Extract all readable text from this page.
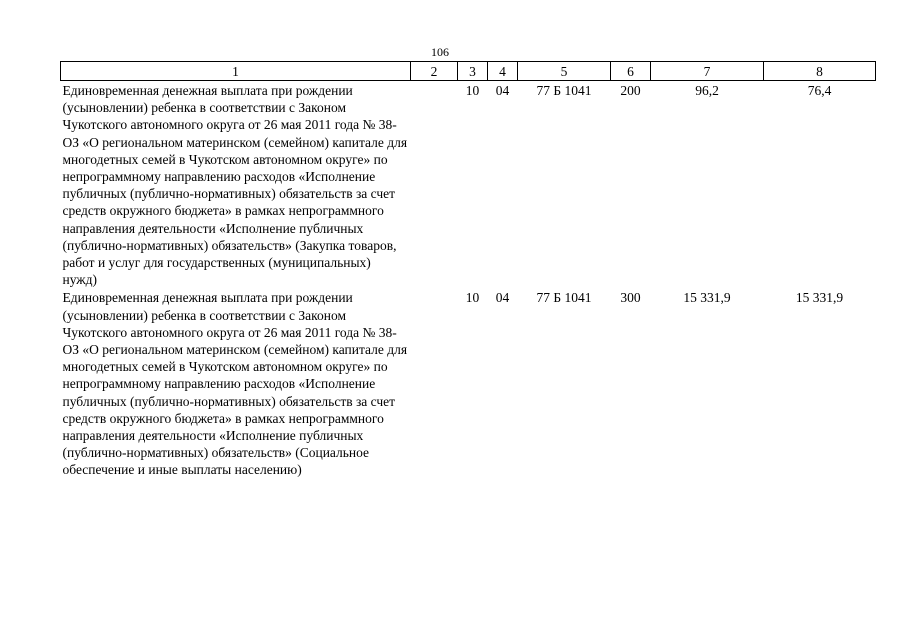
106
1	2	3	4	5	6	7	8
Единовременная денежная выплата при рождении (усыновлении) ребенка в соответствии с Законом Чукотского автономного округа от 26 мая 2011 года № 38-ОЗ «О региональном материнском (семейном) капитале для многодетных семей в Чукотском автономном округе» по непрограммному направлению расходов «Исполнение публичных (публично-нормативных) обязательств за счет средств окружного бюджета» в рамках непрограммного направления деятельности «Исполнение публичных (публично-нормативных) обязательств» (Закупка товаров, работ и услуг для государственных (муниципальных) нужд)		10	04	77 Б 1041	200	96,2	76,4
Единовременная денежная выплата при рождении (усыновлении) ребенка в соответствии с Законом Чукотского автономного округа от 26 мая 2011 года № 38-ОЗ «О региональном материнском (семейном) капитале для многодетных семей в Чукотском автономном округе» по непрограммному направлению расходов «Исполнение публичных (публично-нормативных) обязательств за счет средств окружного бюджета» в рамках непрограммного направления деятельности «Исполнение публичных (публично-нормативных) обязательств» (Социальное обеспечение и иные выплаты населению)		10	04	77 Б 1041	300	15 331,9	15 331,9
